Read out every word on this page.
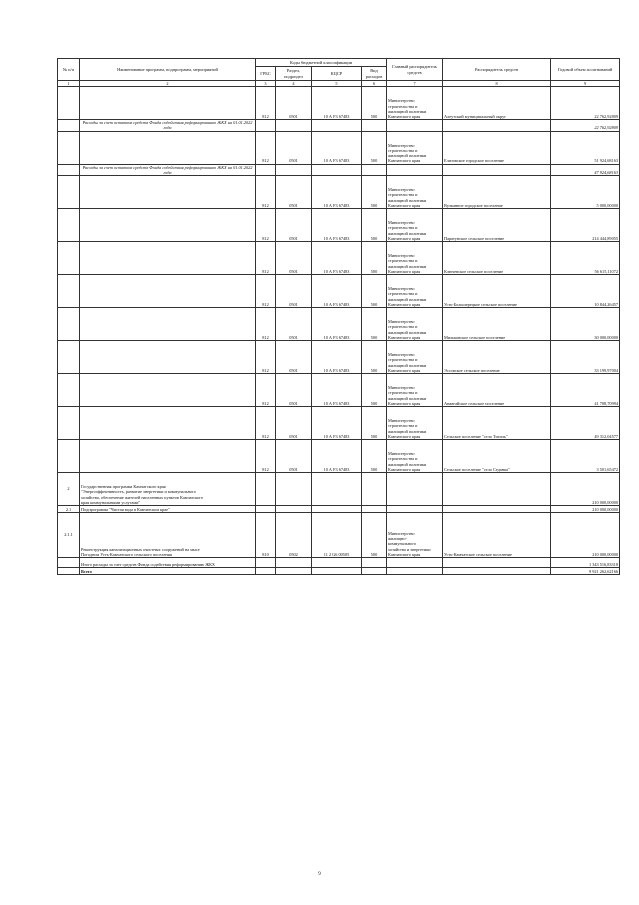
№ п/п	Наименование программ, подпрограмм, мероприятий	Коды бюджетной классификации				Главный распорядитель средств	Распорядитель средств	Годовой объем ассигнований
		ГРБС	Раздел, подраздел	КЦСР	Вид расходов			
1	2	3	4	5	6	7	8	9
		812	0501	10 А F3 67483	500	Министерство
строительства и
жилищной политики
Камчатского края	Алеутский муниципальный округ	22 762,92809
	Расходы за счет остатков средств Фонда содействия реформированию ЖКХ на 01.01.2022 года							22 762,92809
		812	0501	10 А F3 67483	500	Министерство
строительства и
жилищной политики
Камчатского края	Елизовское городское поселение	51 924,68163
	Расходы за счет остатков средств Фонда содействия реформированию ЖКХ на 01.01.2022 года							47 924,68163
		812	0501	10 А F3 67483	500	Министерство
строительства и
жилищной политики
Камчатского края	Вулканное городское поселение	5 000,00000
		812	0501	10 А F3 67483	500	Министерство
строительства и
жилищной политики
Камчатского края	Паратунское сельское поселение	214 444,89055
		812	0501	10 А F3 67483	500	Министерство
строительства и
жилищной политики
Камчатского края	Ключевское сельское поселение	56 615,11072
		812	0501	10 А F3 67483	500	Министерство
строительства и
жилищной политики
Камчатского края	Усть-Большерецкое сельское поселение	10 844,26457
		812	0501	10 А F3 67483	500	Министерство
строительства и
жилищной политики
Камчатского края	Мильковское сельское поселение	30 000,00000
		812	0501	10 А F3 67483	500	Министерство
строительства и
жилищной политики
Камчатского края	Эссовское сельское поселение	33 199,97004
		812	0501	10 А F3 67483	500	Министерство
строительства и
жилищной политики
Камчатского края	Анавгайское сельское поселение	41 708,70994
		812	0501	10 А F3 67483	500	Министерство
строительства и
жилищной политики
Камчатского края	Сельское поселение "село Тигиль"	49 312,04577
		812	0501	10 А F3 67483	500	Министерство
строительства и
жилищной политики
Камчатского края	Сельское поселение "село Седанка"	3 501,65472
2	Государственная программа Камчатского края
"Энергоэффективность, развитие энергетики и коммунального
хозяйства, обеспечение жителей населенных пунктов Камчатского
края коммунальными услугами"							210 000,00000
2.1	Подпрограмма "Чистая вода в Камчатском крае"							210 000,00000
2.1.1	Реконструкция канализационных очистных сооружений на мысе
Погодном Усть-Камчатского сельского поселения	810	0502	11 2 G6 00505	500	Министерство
жилищно-
коммунального
хозяйства и энергетики
Камчатского края	Усть-Камчатское сельское поселение	210 000,00000
	Итого расходы за счет средств Фонда содействия реформированию ЖКХ							1 343 516,83318
	Всего							9 921 262,62166
9
